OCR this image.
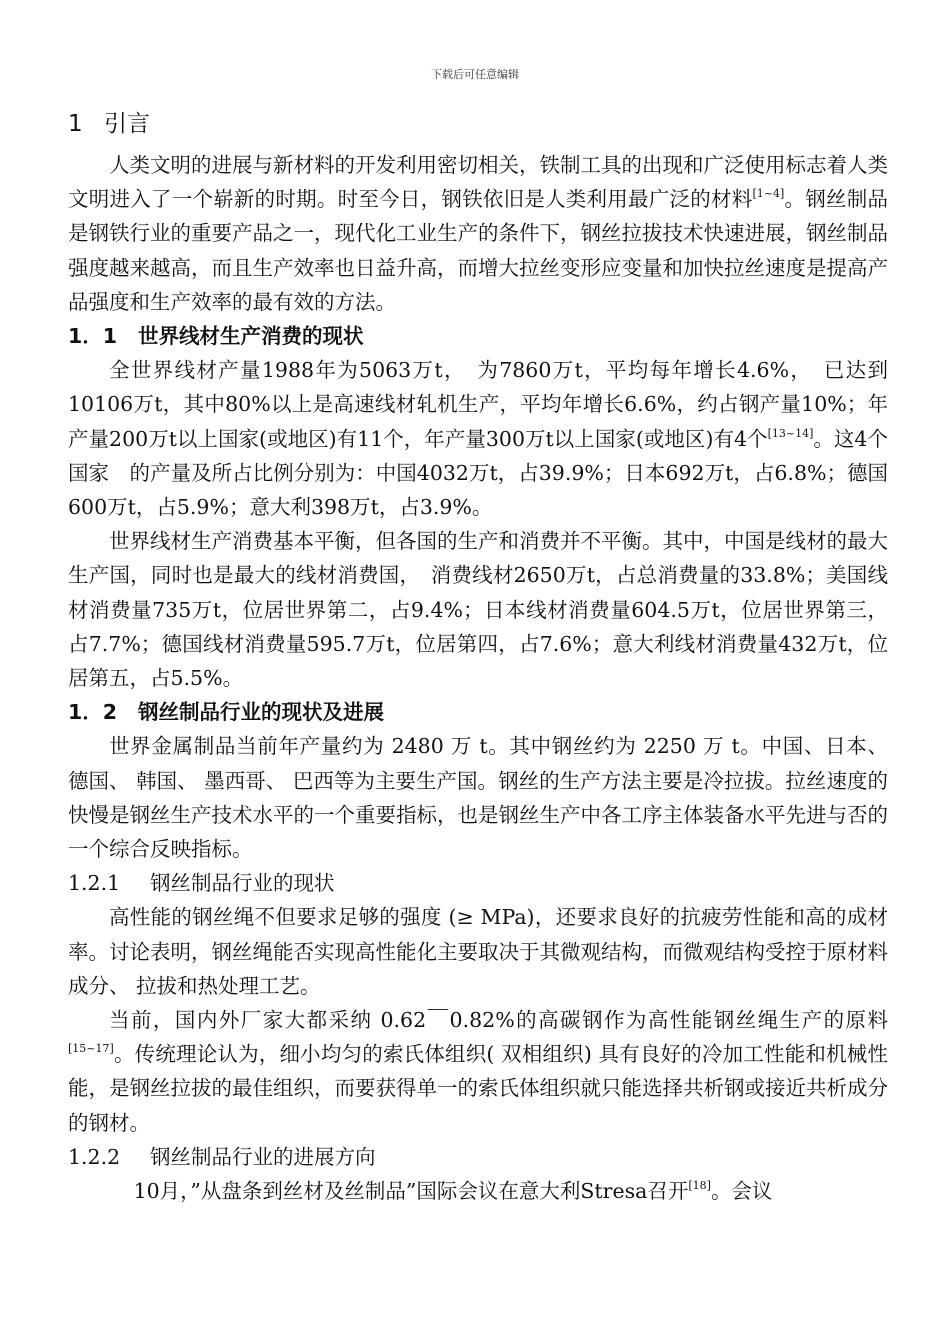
下载后可任意编辑
1 引言

人类文明的进展与新材料的开发利用密切相关，铁制工具的出现和广泛使用标志着人类文明进入了一个崭新的时期。时至今日，钢铁依旧是人类利用最广泛的材料[1~4]。钢丝制品是钢铁行业的重要产品之一，现代化工业生产的条件下，钢丝拉拔技术快速进展，钢丝制品强度越来越高，而且生产效率也日益升高，而增大拉丝变形应变量和加快拉丝速度是提高产品强度和生产效率的最有效的方法。

1．1 世界线材生产消费的现状

全世界线材产量1988年为5063万t，　为7860万t，平均每年增长4.6%，　已达到10106万t，其中80%以上是高速线材轧机生产，平均年增长6.6%，约占钢产量10%；年产量200万t以上国家(或地区)有11个，年产量300万t以上国家(或地区)有4个[13~14]。这4个国家　的产量及所占比例分别为：中国4032万t，占39.9%；日本692万t，占6.8%；德国600万t，占5.9%；意大利398万t，占3.9%。

世界线材生产消费基本平衡，但各国的生产和消费并不平衡。其中，中国是线材的最大生产国，同时也是最大的线材消费国，　消费线材2650万t，占总消费量的33.8%；美国线材消费量735万t，位居世界第二，占9.4%；日本线材消费量604.5万t，位居世界第三，占7.7%；德国线材消费量595.7万t，位居第四，占7.6%；意大利线材消费量432万t，位居第五，占5.5%。

1．2 钢丝制品行业的现状及进展

世界金属制品当前年产量约为 2480 万 t。其中钢丝约为 2250 万 t。中国、日本、 德国、 韩国、 墨西哥、 巴西等为主要生产国。钢丝的生产方法主要是冷拉拔。拉丝速度的快慢是钢丝生产技术水平的一个重要指标，也是钢丝生产中各工序主体装备水平先进与否的一个综合反映指标。

1.2.1 钢丝制品行业的现状

高性能的钢丝绳不但要求足够的强度 (≥ MPa)，还要求良好的抗疲劳性能和高的成材率。讨论表明，钢丝绳能否实现高性能化主要取决于其微观结构，而微观结构受控于原材料成分、 拉拔和热处理工艺。

当前，国内外厂家大都采纳 0.62￣0.82%的高碳钢作为高性能钢丝绳生产的原料[15~17]。传统理论认为，细小均匀的索氏体组织( 双相组织) 具有良好的冷加工性能和机械性能，是钢丝拉拔的最佳组织，而要获得单一的索氏体组织就只能选择共析钢或接近共析成分的钢材。

1.2.2 钢丝制品行业的进展方向

10月，”从盘条到丝材及丝制品”国际会议在意大利Stresa召开[18]。会议
